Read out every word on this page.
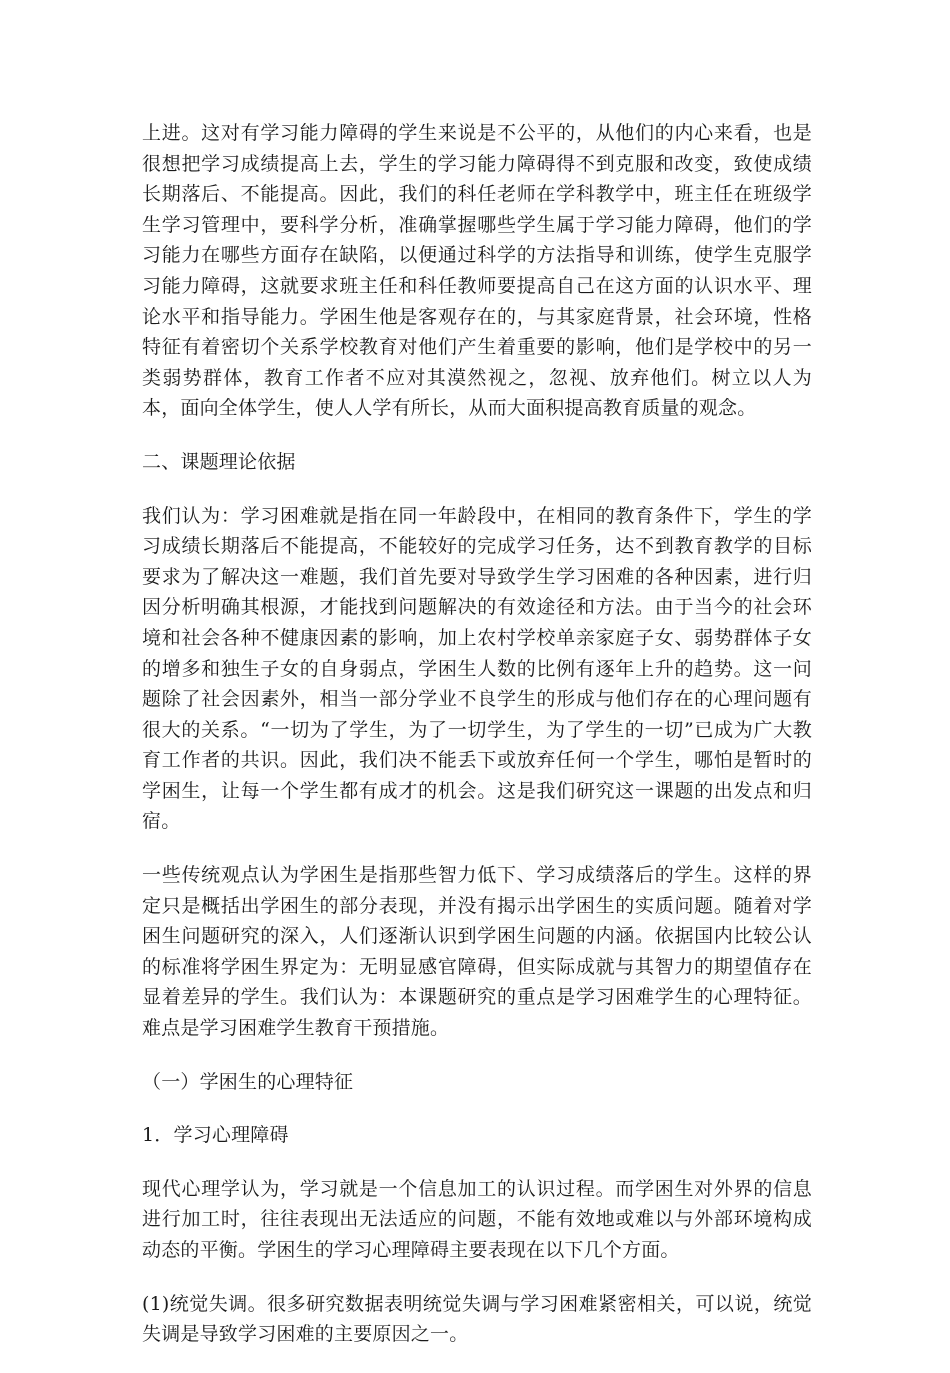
上进。这对有学习能力障碍的学生来说是不公平的，从他们的内心来看，也是很想把学习成绩提高上去，学生的学习能力障碍得不到克服和改变，致使成绩长期落后、不能提高。因此，我们的科任老师在学科教学中，班主任在班级学生学习管理中，要科学分析，准确掌握哪些学生属于学习能力障碍，他们的学习能力在哪些方面存在缺陷，以便通过科学的方法指导和训练，使学生克服学习能力障碍，这就要求班主任和科任教师要提高自己在这方面的认识水平、理论水平和指导能力。学困生他是客观存在的，与其家庭背景，社会环境，性格特征有着密切个关系学校教育对他们产生着重要的影响，他们是学校中的另一类弱势群体，教育工作者不应对其漠然视之，忽视、放弃他们。树立以人为本，面向全体学生，使人人学有所长，从而大面积提高教育质量的观念。

二、课题理论依据

我们认为：学习困难就是指在同一年龄段中，在相同的教育条件下，学生的学习成绩长期落后不能提高，不能较好的完成学习任务，达不到教育教学的目标要求为了解决这一难题，我们首先要对导致学生学习困难的各种因素，进行归因分析明确其根源，才能找到问题解决的有效途径和方法。由于当今的社会环境和社会各种不健康因素的影响，加上农村学校单亲家庭子女、弱势群体子女的增多和独生子女的自身弱点，学困生人数的比例有逐年上升的趋势。这一问题除了社会因素外，相当一部分学业不良学生的形成与他们存在的心理问题有很大的关系。“一切为了学生，为了一切学生，为了学生的一切”已成为广大教育工作者的共识。因此，我们决不能丢下或放弃任何一个学生，哪怕是暂时的学困生，让每一个学生都有成才的机会。这是我们研究这一课题的出发点和归宿。

一些传统观点认为学困生是指那些智力低下、学习成绩落后的学生。这样的界定只是概括出学困生的部分表现，并没有揭示出学困生的实质问题。随着对学困生问题研究的深入，人们逐渐认识到学困生问题的内涵。依据国内比较公认的标准将学困生界定为：无明显感官障碍，但实际成就与其智力的期望值存在显着差异的学生。我们认为：本课题研究的重点是学习困难学生的心理特征。难点是学习困难学生教育干预措施。

（一）学困生的心理特征

1．学习心理障碍

现代心理学认为，学习就是一个信息加工的认识过程。而学困生对外界的信息进行加工时，往往表现出无法适应的问题，不能有效地或难以与外部环境构成动态的平衡。学困生的学习心理障碍主要表现在以下几个方面。

(1)统觉失调。很多研究数据表明统觉失调与学习困难紧密相关，可以说，统觉失调是导致学习困难的主要原因之一。
